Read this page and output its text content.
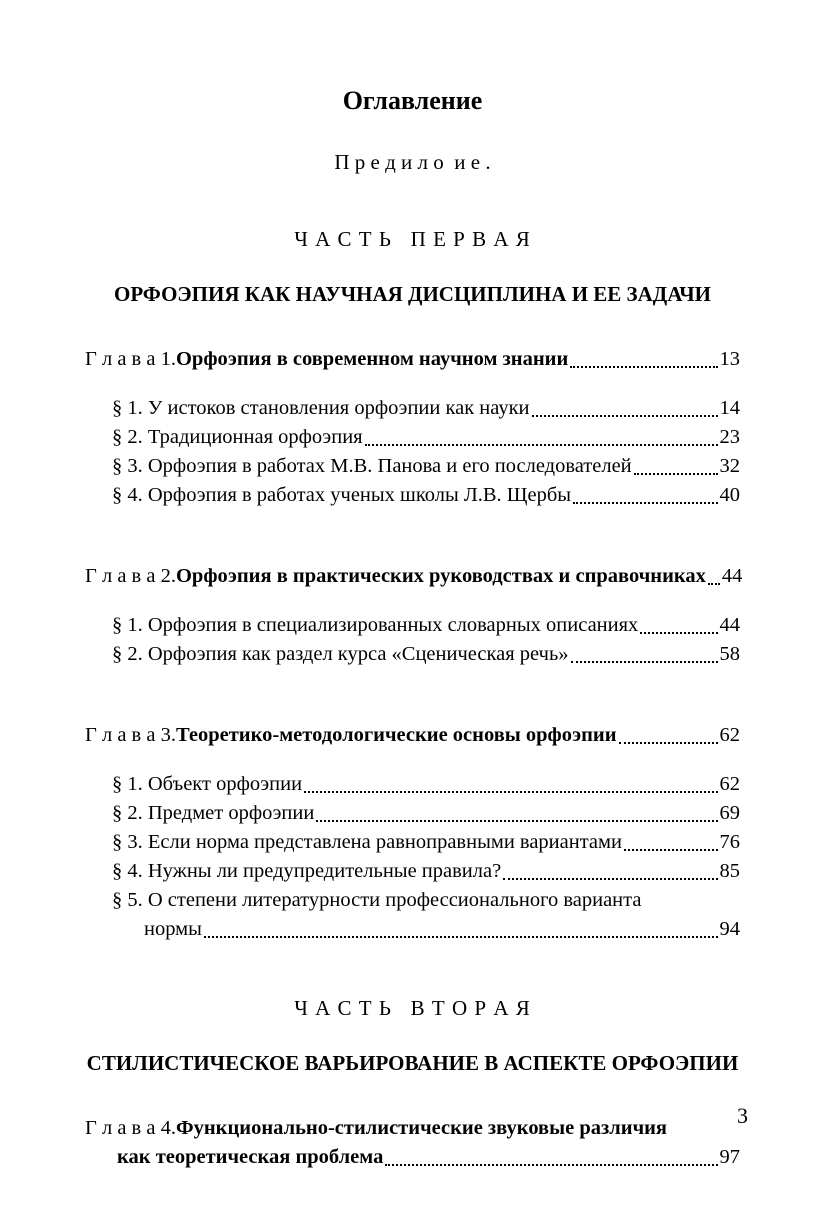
Оглавление
П р е д и л о  и е .
Ч А С Т Ь   П Е Р В А Я
ОРФОЭПИЯ КАК НАУЧНАЯ ДИСЦИПЛИНА И ЕЕ ЗАДАЧИ
Г л а в а 1. Орфоэпия в современном научном знании	13
§ 1. У истоков становления орфоэпии как науки	14
§ 2. Традиционная орфоэпия	23
§ 3. Орфоэпия в работах М.В. Панова и его последователей	32
§ 4. Орфоэпия в работах ученых школы Л.В. Щербы	40
Г л а в а 2. Орфоэпия в практических руководствах и справочниках 44
§ 1. Орфоэпия в специализированных словарных описаниях	44
§ 2. Орфоэпия как раздел курса «Сценическая речь»	58
Г л а в а 3. Теоретико-методологические основы орфоэпии	62
§ 1. Объект орфоэпии	62
§ 2. Предмет орфоэпии	69
§ 3. Если норма представлена равноправными вариантами	76
§ 4. Нужны ли предупредительные правила?	85
§ 5. О степени литературности профессионального варианта
нормы	94
Ч А С Т Ь   В Т О Р А Я
СТИЛИСТИЧЕСКОЕ ВАРЬИРОВАНИЕ В АСПЕКТЕ ОРФОЭПИИ
Г л а в а 4. Функционально-стилистические звуковые различия
как теоретическая проблема	97
3
